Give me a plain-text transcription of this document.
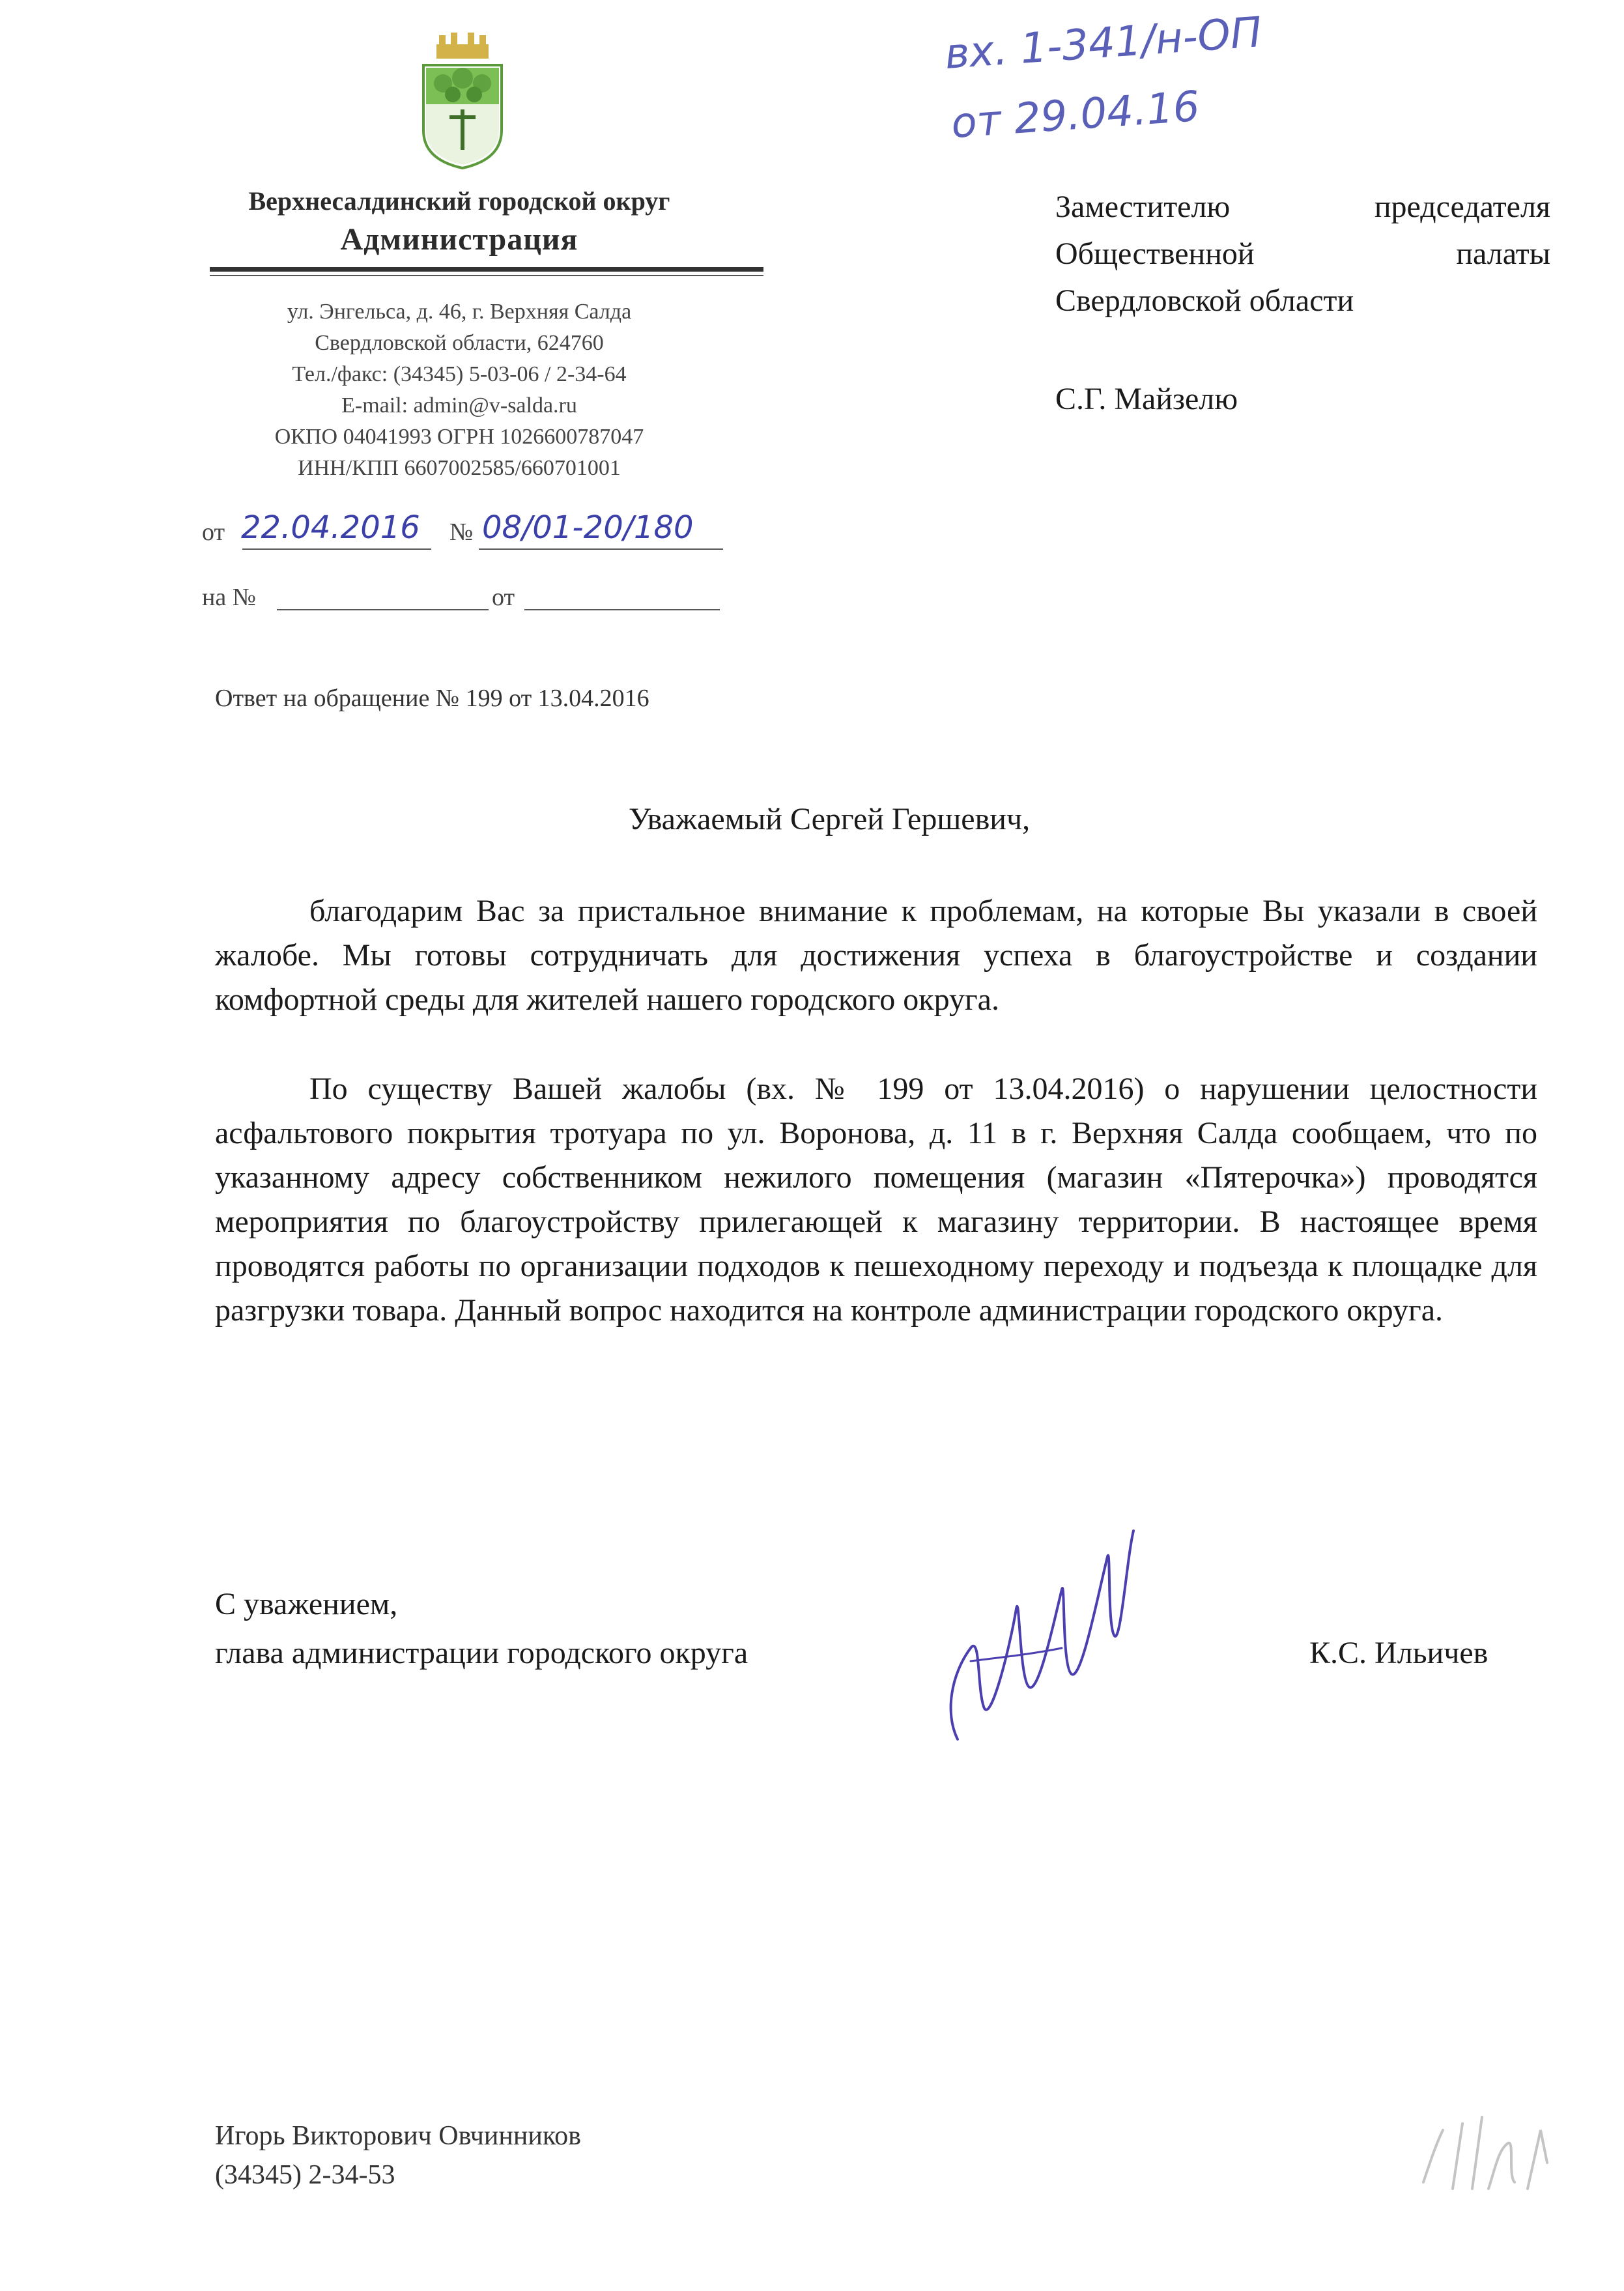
Верхнесалдинский городской округ
Администрация
ул. Энгельса, д. 46, г. Верхняя Салда
Свердловской области, 624760
Тел./факс: (34345) 5-03-06 / 2-34-64
E-mail: admin@v-salda.ru
ОКПО 04041993 ОГРН 1026600787047
ИНН/КПП 6607002585/660701001
от 22.04.2016	№ 08/01-20/180
на №	от
Ответ на обращение № 199 от 13.04.2016
вх. 1-341/н-ОП
от 29.04.16
Заместителю председателя
Общественной палаты
Свердловской области
С.Г. Майзелю
Уважаемый Сергей Гершевич,

благодарим Вас за пристальное внимание к проблемам, на которые Вы указали в своей жалобе. Мы готовы сотрудничать для достижения успеха в благоустройстве и создании комфортной среды для жителей нашего городского округа.

По существу Вашей жалобы (вх. № 199 от 13.04.2016) о нарушении целостности асфальтового покрытия тротуара по ул. Воронова, д. 11 в г. Верхняя Салда сообщаем, что по указанному адресу собственником нежилого помещения (магазин «Пятерочка») проводятся мероприятия по благоустройству прилегающей к магазину территории. В настоящее время проводятся работы по организации подходов к пешеходному переходу и подъезда к площадке для разгрузки товара. Данный вопрос находится на контроле администрации городского округа.

С уважением,
глава администрации городского округа	К.С. Ильичев
Игорь Викторович Овчинников
(34345) 2-34-53
